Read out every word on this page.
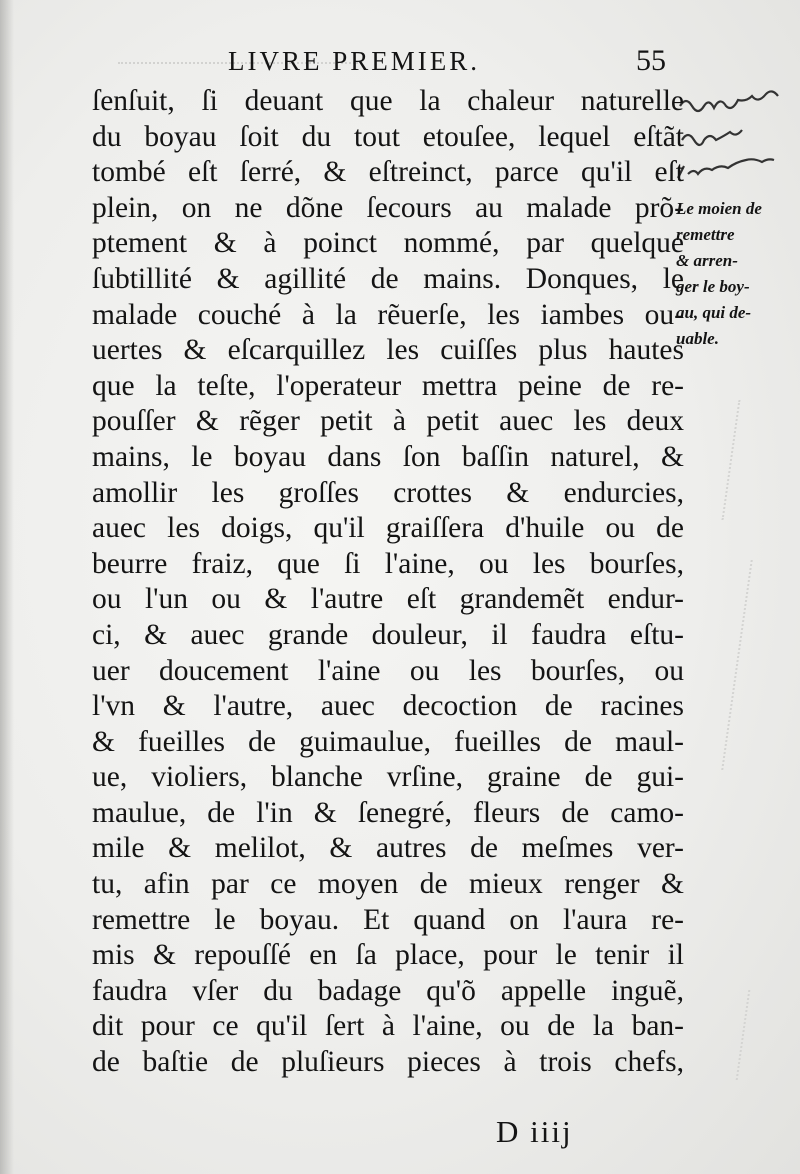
LIVRE PREMIER.	55
ſenſuit, ſi deuant que la chaleur naturelle
du boyau ſoit du tout etouſee, lequel eſtãt
tombé eſt ſerré, & eſtreinct, parce qu'il eſt
plein, on ne dõne ſecours au malade prõ-
ptement & à poinct nommé, par quelque
ſubtillité & agillité de mains. Donques, le
malade couché à la rẽuerſe, les iambes ou-
uertes & eſcarquillez les cuiſſes plus hautes
que la teſte, l'operateur mettra peine de re-
pouſſer & rẽger petit à petit auec les deux
mains, le boyau dans ſon baſſin naturel, &
amollir les groſſes crottes & endurcies,
auec les doigs, qu'il graiſſera d'huile ou de
beurre fraiz, que ſi l'aine, ou les bourſes,
ou l'un ou & l'autre eſt grandemẽt endur-
ci, & auec grande douleur, il faudra eſtu-
uer doucement l'aine ou les bourſes, ou
l'vn & l'autre, auec decoction de racines
& fueilles de guimaulue, fueilles de maul-
ue, violiers, blanche vrſine, graine de gui-
maulue, de l'in & ſenegré, fleurs de camo-
mile & melilot, & autres de meſmes ver-
tu, afin par ce moyen de mieux renger &
remettre le boyau. Et quand on l'aura re-
mis & repouſſé en ſa place, pour le tenir il
faudra vſer du badage qu'õ appelle inguẽ,
dit pour ce qu'il ſert à l'aine, ou de la ban-
de baſtie de pluſieurs pieces à trois chefs,
Le moien de
remettre
& arren-
ger le boy-
au, qui de-
uable.
D iiij
